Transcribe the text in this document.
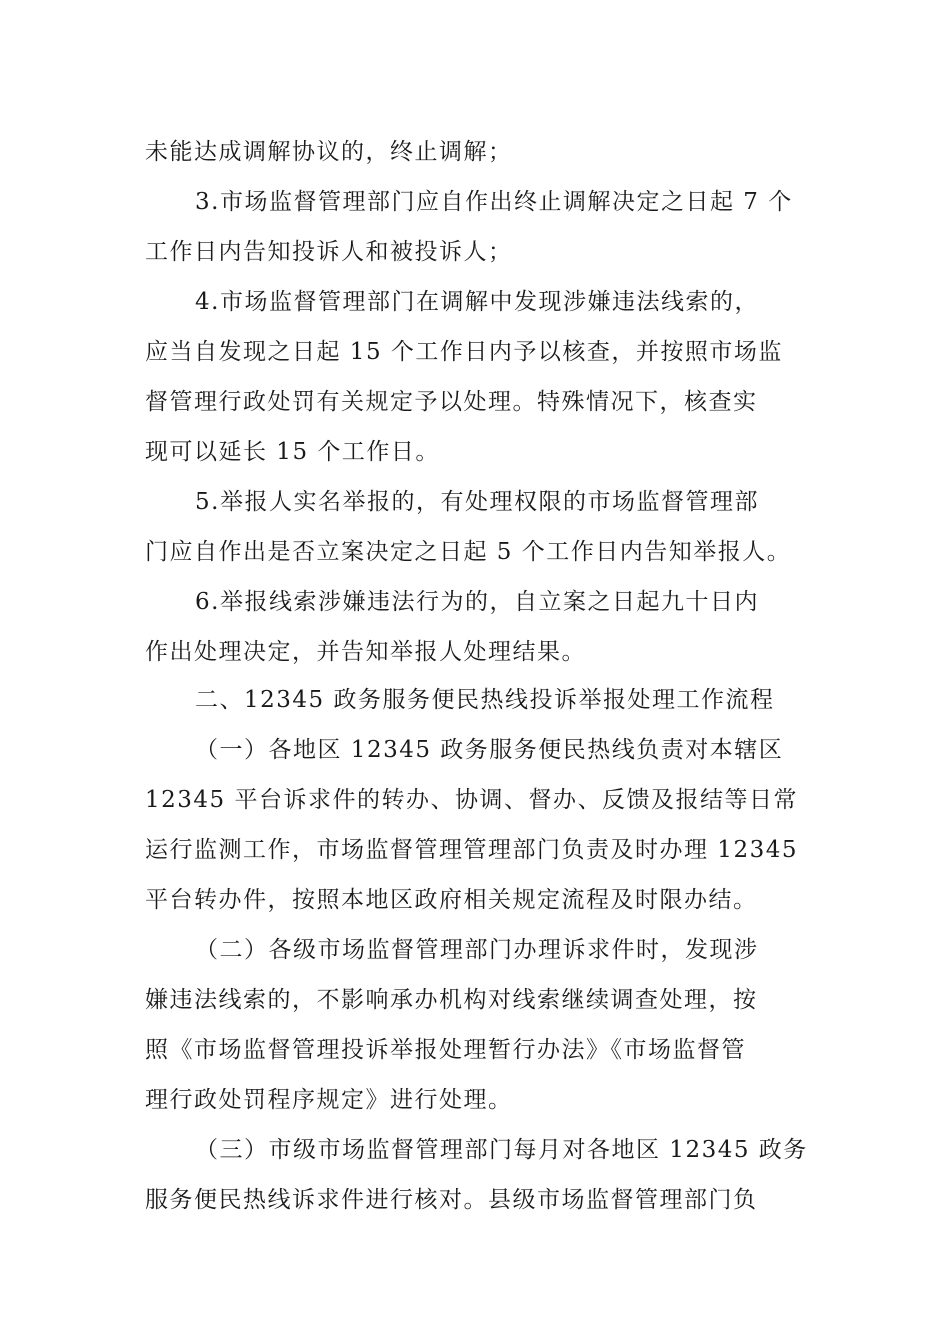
未能达成调解协议的，终止调解；
3.市场监督管理部门应自作出终止调解决定之日起 7 个
工作日内告知投诉人和被投诉人；
4.市场监督管理部门在调解中发现涉嫌违法线索的，
应当自发现之日起 15 个工作日内予以核查，并按照市场监
督管理行政处罚有关规定予以处理。特殊情况下，核查实
现可以延长 15 个工作日。
5.举报人实名举报的，有处理权限的市场监督管理部
门应自作出是否立案决定之日起 5 个工作日内告知举报人。
6.举报线索涉嫌违法行为的，自立案之日起九十日内
作出处理决定，并告知举报人处理结果。
二、12345 政务服务便民热线投诉举报处理工作流程
（一）各地区 12345 政务服务便民热线负责对本辖区
12345 平台诉求件的转办、协调、督办、反馈及报结等日常
运行监测工作，市场监督管理管理部门负责及时办理 12345
平台转办件，按照本地区政府相关规定流程及时限办结。
（二）各级市场监督管理部门办理诉求件时，发现涉
嫌违法线索的，不影响承办机构对线索继续调查处理，按
照《市场监督管理投诉举报处理暂行办法》《市场监督管
理行政处罚程序规定》进行处理。
（三）市级市场监督管理部门每月对各地区 12345 政务
服务便民热线诉求件进行核对。县级市场监督管理部门负
